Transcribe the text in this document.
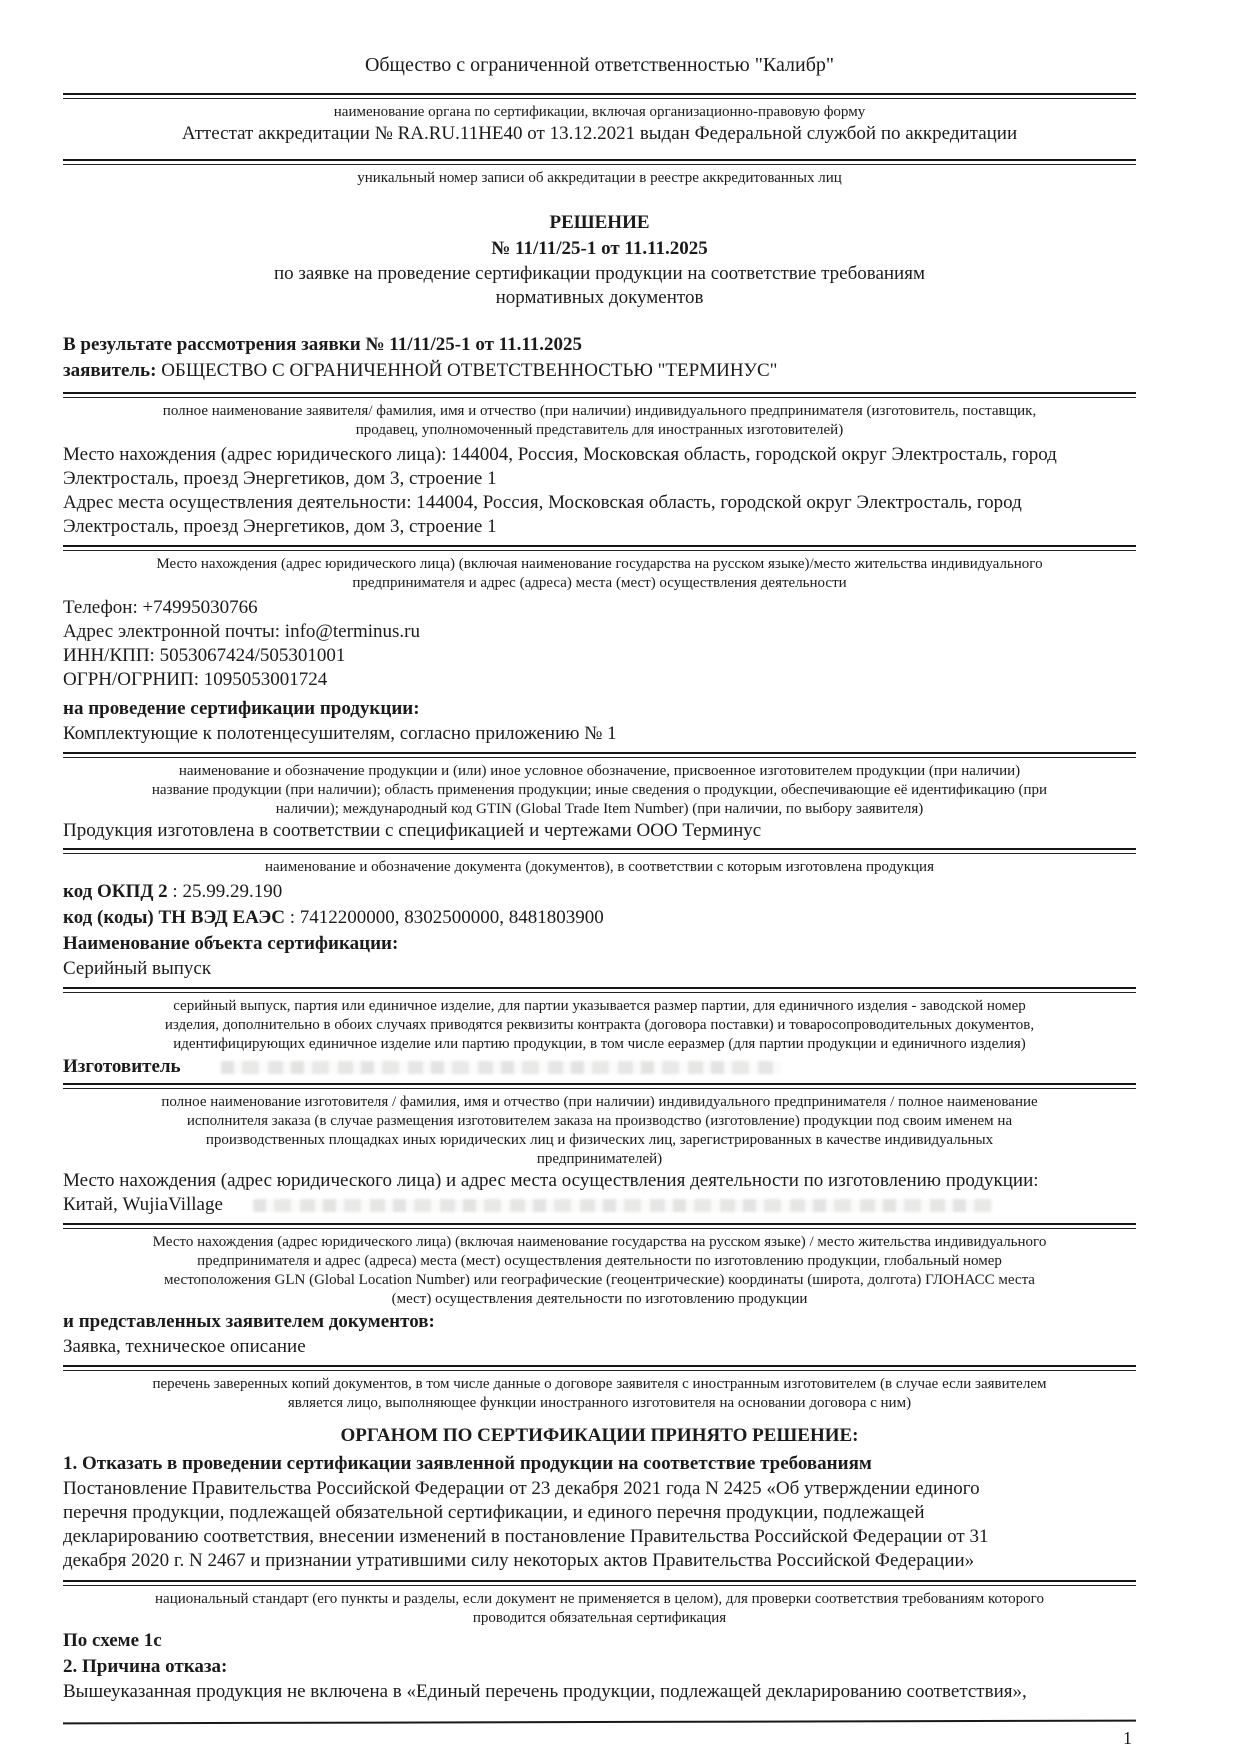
Общество с ограниченной ответственностью "Калибр"
наименование органа по сертификации, включая организационно-правовую форму
Аттестат аккредитации № RA.RU.11НЕ40 от 13.12.2021 выдан Федеральной службой по аккредитации
уникальный номер записи об аккредитации в реестре аккредитованных лиц
РЕШЕНИЕ
№ 11/11/25-1 от 11.11.2025
по заявке на проведение сертификации продукции на соответствие требованиям
нормативных документов
В результате рассмотрения заявки № 11/11/25-1 от 11.11.2025
заявитель: ОБЩЕСТВО С ОГРАНИЧЕННОЙ ОТВЕТСТВЕННОСТЬЮ "ТЕРМИНУС"
полное наименование заявителя/ фамилия, имя и отчество (при наличии) индивидуального предпринимателя (изготовитель, поставщик,
продавец, уполномоченный представитель для иностранных изготовителей)
Место нахождения (адрес юридического лица): 144004, Россия, Московская область, городской округ Электросталь, город
Электросталь, проезд Энергетиков, дом 3, строение 1
Адрес места осуществления деятельности: 144004, Россия, Московская область, городской округ Электросталь, город
Электросталь, проезд Энергетиков, дом 3, строение 1
Место нахождения (адрес юридического лица) (включая наименование государства на русском языке)/место жительства индивидуального
предпринимателя и адрес (адреса) места (мест) осуществления деятельности
Телефон: +74995030766
Адрес электронной почты: info@terminus.ru
ИНН/КПП: 5053067424/505301001
ОГРН/ОГРНИП: 1095053001724
на проведение сертификации продукции:
Комплектующие к полотенцесушителям, согласно приложению № 1
наименование и обозначение продукции и (или) иное условное обозначение, присвоенное изготовителем продукции (при наличии)
название продукции (при наличии); область применения продукции; иные сведения о продукции, обеспечивающие её идентификацию (при
наличии); международный код GTIN (Global Trade Item Number) (при наличии, по выбору заявителя)
Продукция изготовлена в соответствии с спецификацией и чертежами ООО Терминус
наименование и обозначение документа (документов), в соответствии с которым изготовлена продукция
код ОКПД 2 : 25.99.29.190
код (коды) ТН ВЭД ЕАЭС : 7412200000, 8302500000, 8481803900
Наименование объекта сертификации:
Серийный выпуск
серийный выпуск, партия или единичное изделие, для партии указывается размер партии, для единичного изделия - заводской номер
изделия, дополнительно в обоих случаях приводятся реквизиты контракта (договора поставки) и товаросопроводительных документов,
идентифицирующих единичное изделие или партию продукции, в том числе ееразмер (для партии продукции и единичного изделия)
Изготовитель
полное наименование изготовителя / фамилия, имя и отчество (при наличии) индивидуального предпринимателя / полное наименование
исполнителя заказа (в случае размещения изготовителем заказа на производство (изготовление) продукции под своим именем на
производственных площадках иных юридических лиц и физических лиц, зарегистрированных в качестве индивидуальных
предпринимателей)
Место нахождения (адрес юридического лица) и адрес места осуществления деятельности по изготовлению продукции:
Китай, WujiaVillage
Место нахождения (адрес юридического лица) (включая наименование государства на русском языке) / место жительства индивидуального
предпринимателя и адрес (адреса) места (мест) осуществления деятельности по изготовлению продукции, глобальный номер
местоположения GLN (Global Location Number) или географические (геоцентрические) координаты (широта, долгота) ГЛОНАСС места
(мест) осуществления деятельности по изготовлению продукции
и представленных заявителем документов:
Заявка, техническое описание
перечень заверенных копий документов, в том числе данные о договоре заявителя с иностранным изготовителем (в случае если заявителем
является лицо, выполняющее функции иностранного изготовителя на основании договора с ним)
ОРГАНОМ ПО СЕРТИФИКАЦИИ ПРИНЯТО РЕШЕНИЕ:
1. Отказать в проведении сертификации заявленной продукции на соответствие требованиям
Постановление Правительства Российской Федерации от 23 декабря 2021 года N 2425 «Об утверждении единого
перечня продукции, подлежащей обязательной сертификации, и единого перечня продукции, подлежащей
декларированию соответствия, внесении изменений в постановление Правительства Российской Федерации от 31
декабря 2020 г. N 2467 и признании утратившими силу некоторых актов Правительства Российской Федерации»
национальный стандарт (его пункты и разделы, если документ не применяется в целом), для проверки соответствия требованиям которого
проводится обязательная сертификация
По схеме 1с
2. Причина отказа:
Вышеуказанная продукция не включена в «Единый перечень продукции, подлежащей декларированию соответствия»,
1
